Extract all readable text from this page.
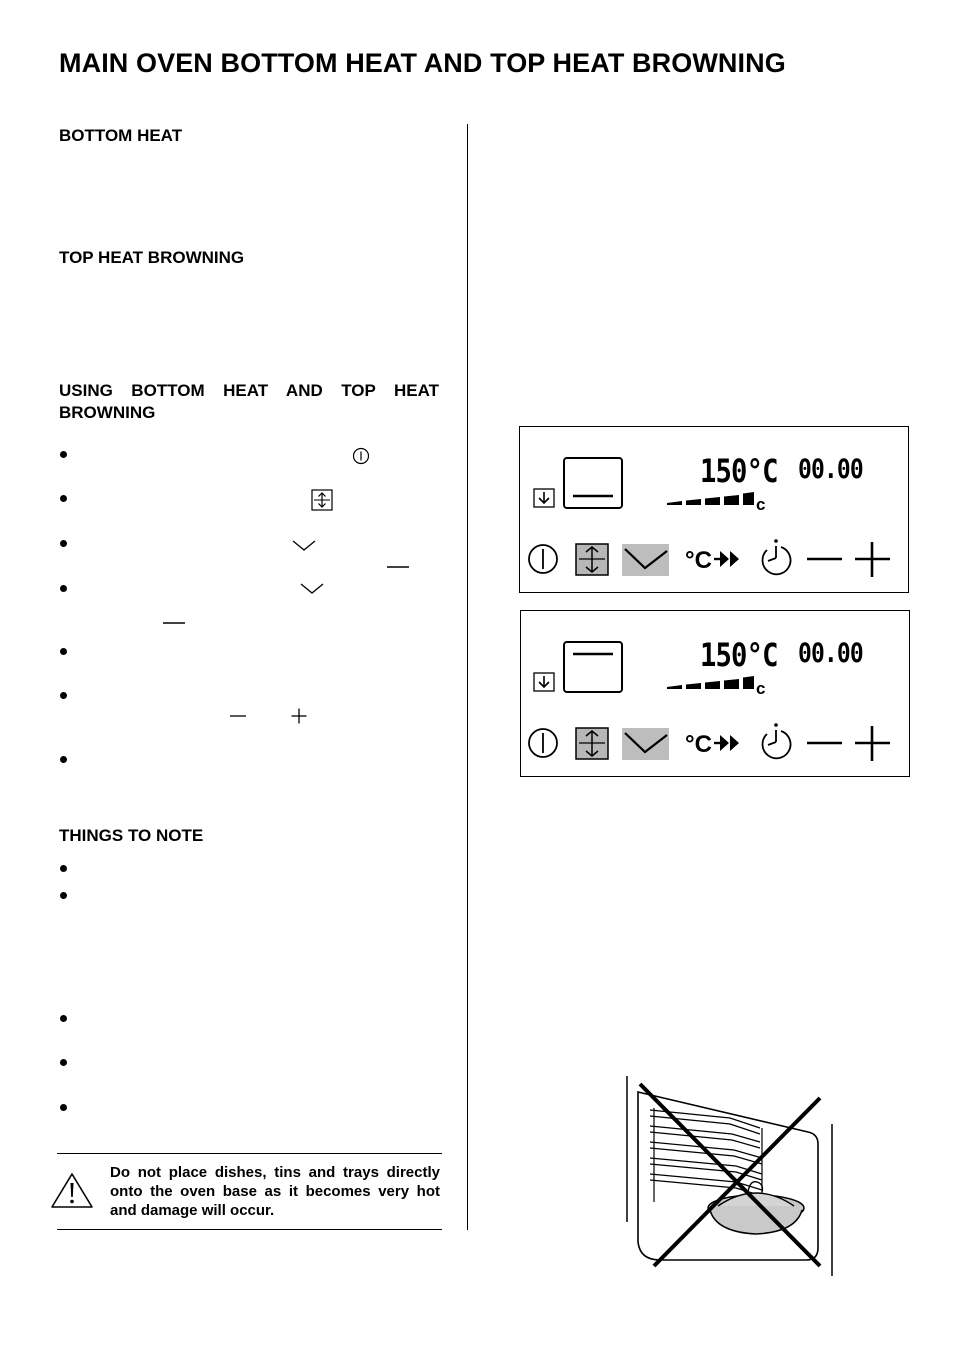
MAIN OVEN BOTTOM HEAT AND TOP HEAT BROWNING
BOTTOM HEAT
TOP HEAT BROWNING
USING BOTTOM HEAT AND TOP HEAT
BROWNING
THINGS TO NOTE
c
°C
150°C 00.00
c
°C
150°C 00.00
Do not place dishes, tins and trays directly onto the oven base as it becomes very hot and damage will occur.
